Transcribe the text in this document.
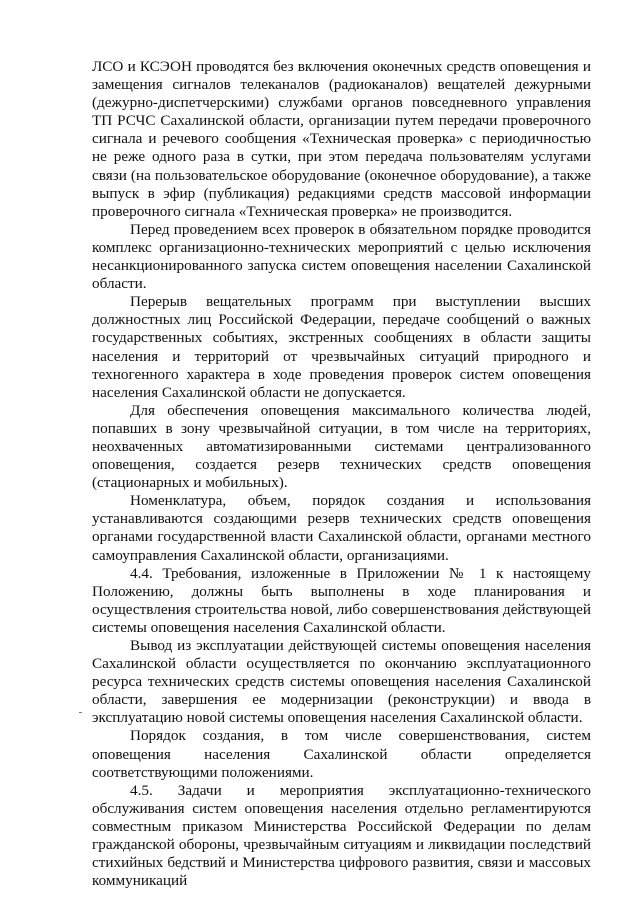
ЛСО и КСЭОН проводятся без включения оконечных средств оповещения и замещения сигналов телеканалов (радиоканалов) вещателей дежурными (дежурно-диспетчерскими) службами органов повседневного управления ТП РСЧС Сахалинской области, организации путем передачи проверочного сигнала и речевого сообщения «Техническая проверка» с периодичностью не реже одного раза в сутки, при этом передача пользователям услугами связи (на пользовательское оборудование (оконечное оборудование), а также выпуск в эфир (публикация) редакциями средств массовой информации проверочного сигнала «Техническая проверка» не производится.

Перед проведением всех проверок в обязательном порядке проводится комплекс организационно-технических мероприятий с целью исключения несанкционированного запуска систем оповещения населении Сахалинской области.

Перерыв вещательных программ при выступлении высших должностных лиц Российской Федерации, передаче сообщений о важных государственных событиях, экстренных сообщениях в области защиты населения и территорий от чрезвычайных ситуаций природного и техногенного характера в ходе проведения проверок систем оповещения населения Сахалинской области не допускается.

Для обеспечения оповещения максимального количества людей, попавших в зону чрезвычайной ситуации, в том числе на территориях, неохваченных автоматизированными системами централизованного оповещения, создается резерв технических средств оповещения (стационарных и мобильных).

Номенклатура, объем, порядок создания и использования устанавливаются создающими резерв технических средств оповещения органами государственной власти Сахалинской области, органами местного самоуправления Сахалинской области, организациями.

4.4. Требования, изложенные в Приложении № 1 к настоящему Положению, должны быть выполнены в ходе планирования и осуществления строительства новой, либо совершенствования действующей системы оповещения населения Сахалинской области.

Вывод из эксплуатации действующей системы оповещения населения Сахалинской области осуществляется по окончанию эксплуатационного ресурса технических средств системы оповещения населения Сахалинской области, завершения ее модернизации (реконструкции) и ввода в эксплуатацию новой системы оповещения населения Сахалинской области.

Порядок создания, в том числе совершенствования, систем оповещения населения Сахалинской области определяется соответствующими положениями.

4.5. Задачи и мероприятия эксплуатационно-технического обслуживания систем оповещения населения отдельно регламентируются совместным приказом Министерства Российской Федерации по делам гражданской обороны, чрезвычайным ситуациям и ликвидации последствий стихийных бедствий и Министерства цифрового развития, связи и массовых коммуникаций
